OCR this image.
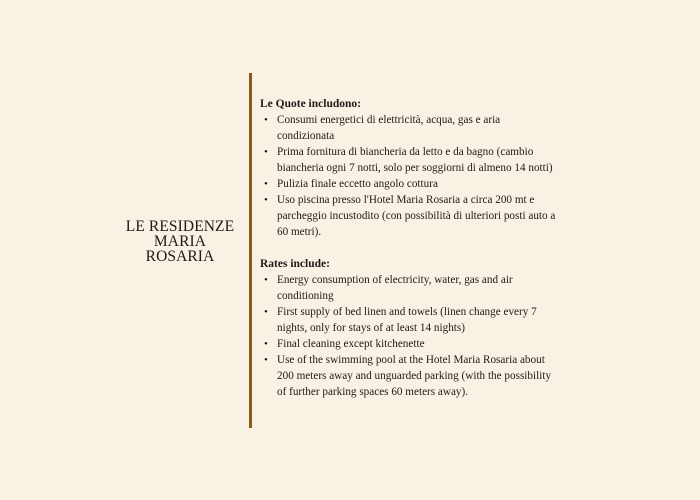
LE RESIDENZE
MARIA
ROSARIA

Le Quote includono:

• Consumi energetici di elettricità, acqua, gas e aria condizionata
• Prima fornitura di biancheria da letto e da bagno (cambio biancheria ogni 7 notti, solo per soggiorni di almeno 14 notti)
• Pulizia finale eccetto angolo cottura
• Uso piscina presso l'Hotel Maria Rosaria a circa 200 mt e parcheggio incustodito (con possibilità di ulteriori posti auto a 60 metri).

Rates include:

• Energy consumption of electricity, water, gas and air conditioning
• First supply of bed linen and towels (linen change every 7 nights, only for stays of at least 14 nights)
• Final cleaning except kitchenette
• Use of the swimming pool at the Hotel Maria Rosaria about 200 meters away and unguarded parking (with the possibility of further parking spaces 60 meters away).
